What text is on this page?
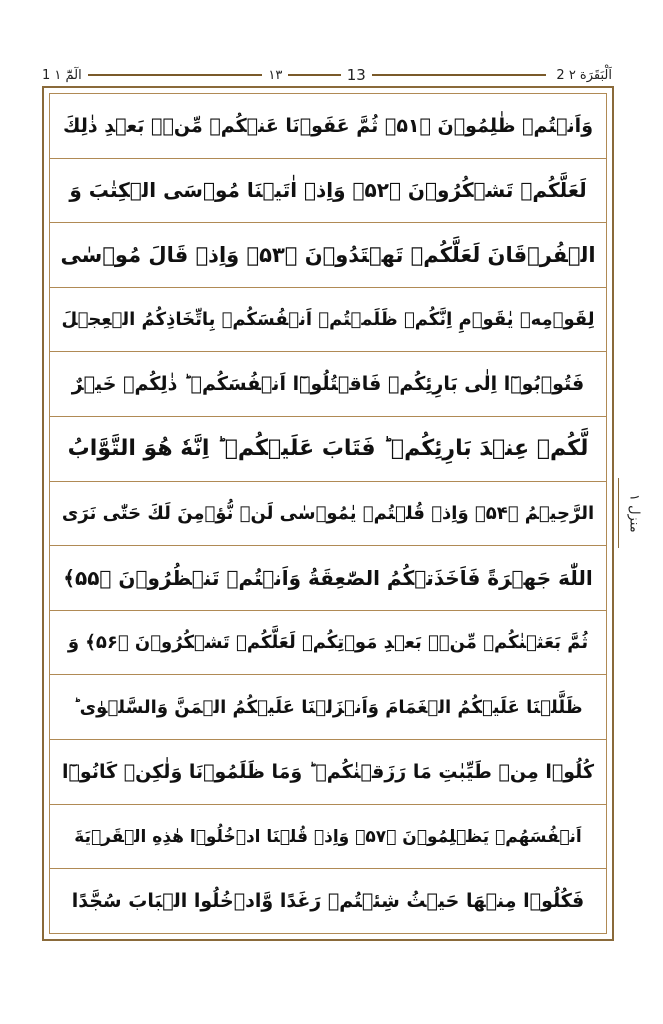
1 الٓمّٓ ١	١٣	13	2 اَلْبَقَرَة ٢
وَاَنۡتُمۡ ظٰلِمُوۡنَ ﴿۵۱﴾ ثُمَّ عَفَوۡنَا عَنۡكُمۡ مِّنۡۢ بَعۡدِ ذٰلِكَ
لَعَلَّكُمۡ تَشۡكُرُوۡنَ ﴿۵۲﴾ وَاِذۡ اٰتَيۡنَا مُوۡسَى الۡكِتٰبَ وَ
الۡفُرۡقَانَ لَعَلَّكُمۡ تَهۡتَدُوۡنَ ﴿۵۳﴾ وَاِذۡ قَالَ مُوۡسٰى
لِقَوۡمِهٖ يٰقَوۡمِ اِنَّكُمۡ ظَلَمۡتُمۡ اَنۡفُسَكُمۡ بِاتِّخَاذِكُمُ الۡعِجۡلَ
فَتُوۡبُوۡٓا اِلٰى بَارِئِكُمۡ فَاقۡتُلُوۡٓا اَنۡفُسَكُمۡ ؕ ذٰلِكُمۡ خَيۡرٌ
لَّكُمۡ عِنۡدَ بَارِئِكُمۡ ؕ فَتَابَ عَلَيۡكُمۡ ؕ اِنَّهٗ هُوَ التَّوَّابُ
الرَّحِيۡمُ ﴿۵۴﴾ وَاِذۡ قُلۡتُمۡ يٰمُوۡسٰى لَنۡ نُّؤۡمِنَ لَكَ حَتّٰى نَرَى
اللّٰهَ جَهۡرَةً فَاَخَذَتۡكُمُ الصّٰعِقَةُ وَاَنۡتُمۡ تَنۡظُرُوۡنَ ﴿۵۵﴾
ثُمَّ بَعَثۡنٰكُمۡ مِّنۡۢ بَعۡدِ مَوۡتِكُمۡ لَعَلَّكُمۡ تَشۡكُرُوۡنَ ﴿۵۶﴾ وَ
ظَلَّلۡنَا عَلَيۡكُمُ الۡغَمَامَ وَاَنۡزَلۡنَا عَلَيۡكُمُ الۡمَنَّ وَالسَّلۡوٰى ؕ
كُلُوۡا مِنۡ طَيِّبٰتِ مَا رَزَقۡنٰكُمۡ ؕ وَمَا ظَلَمُوۡنَا وَلٰكِنۡ كَانُوۡٓا
اَنۡفُسَهُمۡ يَظۡلِمُوۡنَ ﴿۵۷﴾ وَاِذۡ قُلۡنَا ادۡخُلُوۡا هٰذِهِ الۡقَرۡيَةَ
فَكُلُوۡا مِنۡهَا حَيۡثُ شِئۡتُمۡ رَغَدًا وَّادۡخُلُوا الۡبَابَ سُجَّدًا
منزل ١
